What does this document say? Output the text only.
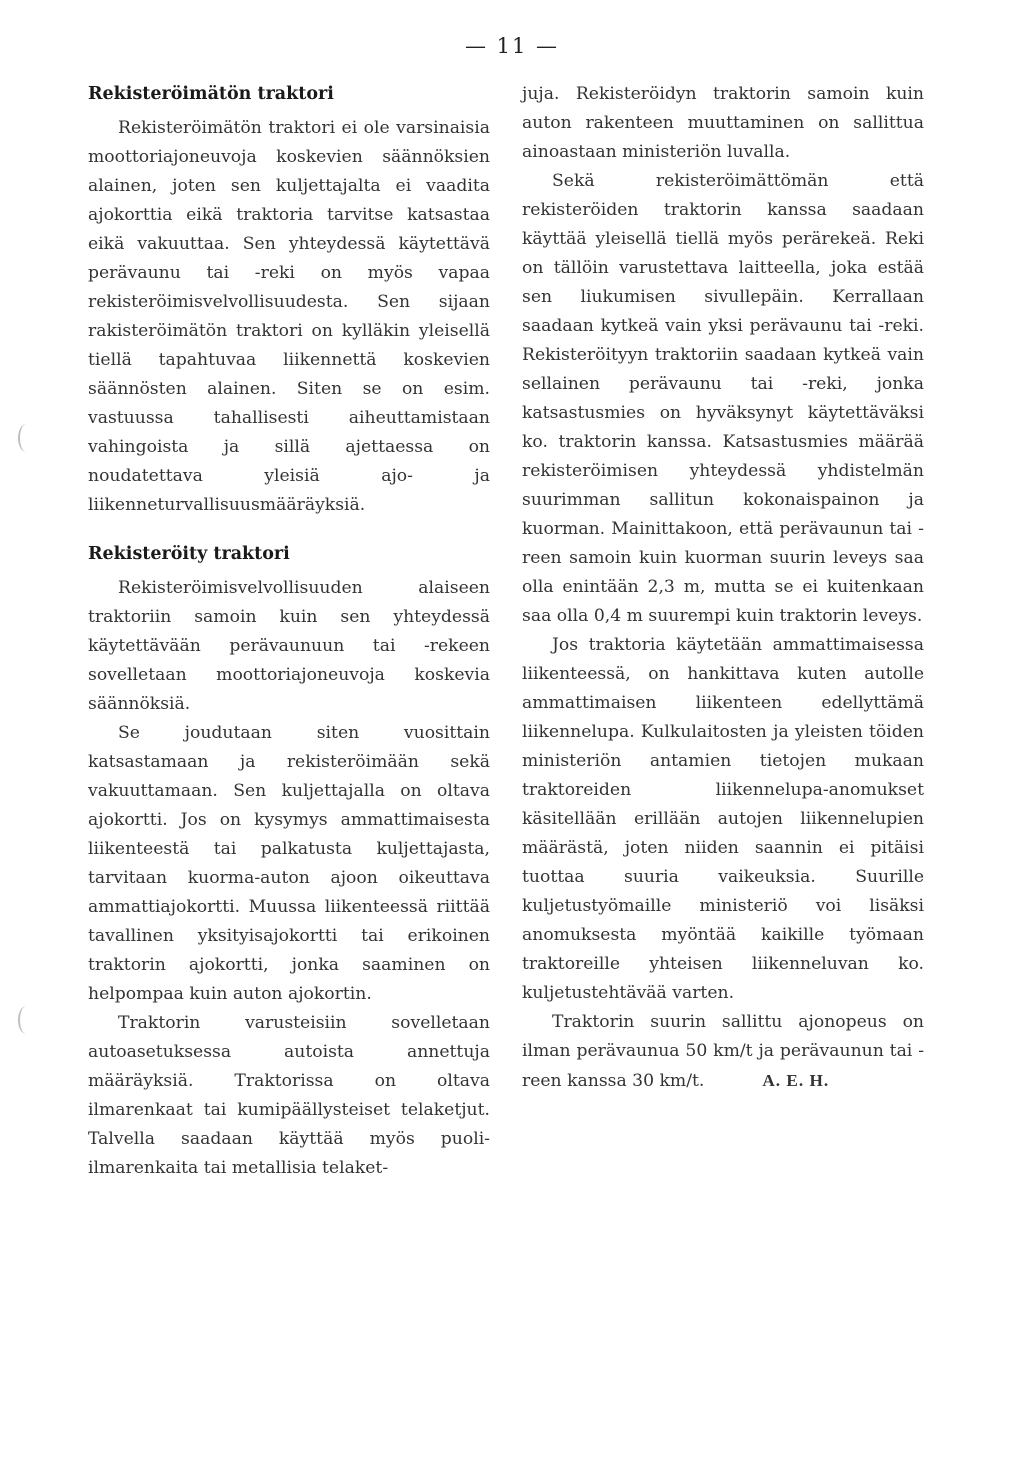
— 11 —
Rekisteröimätön traktori

Rekisteröimätön traktori ei ole varsinaisia moottoriajoneuvoja koskevien säännöksien alainen, joten sen kuljettajalta ei vaadita ajokorttia eikä traktoria tarvitse katsastaa eikä vakuuttaa. Sen yhteydessä käytettävä perävaunu tai -reki on myös vapaa rekisteröimisvelvollisuudesta. Sen sijaan rakisteröimätön traktori on kylläkin yleisellä tiellä tapahtuvaa liikennettä koskevien säännösten alainen. Siten se on esim. vastuussa tahallisesti aiheuttamistaan vahingoista ja sillä ajettaessa on noudatettava yleisiä ajo- ja liikenneturvallisuusmääräyksiä.

Rekisteröity traktori

Rekisteröimisvelvollisuuden alaiseen traktoriin samoin kuin sen yhteydessä käytettävään perävaunuun tai -rekeen sovelletaan moottoriajoneuvoja koskevia säännöksiä.

Se joudutaan siten vuosittain katsastamaan ja rekisteröimään sekä vakuuttamaan. Sen kuljettajalla on oltava ajokortti. Jos on kysymys ammattimaisesta liikenteestä tai palkatusta kuljettajasta, tarvitaan kuorma-auton ajoon oikeuttava ammattiajokortti. Muussa liikenteessä riittää tavallinen yksityisajokortti tai erikoinen traktorin ajokortti, jonka saaminen on helpompaa kuin auton ajokortin.

Traktorin varusteisiin sovelletaan autoasetuksessa autoista annettuja määräyksiä. Traktorissa on oltava ilmarenkaat tai kumipäällysteiset telaketjut. Talvella saadaan käyttää myös puoli-ilmarenkaita tai metallisia telaket-

juja. Rekisteröidyn traktorin samoin kuin auton rakenteen muuttaminen on sallittua ainoastaan ministeriön luvalla.

Sekä rekisteröimättömän että rekisteröiden traktorin kanssa saadaan käyttää yleisellä tiellä myös perärekeä. Reki on tällöin varustettava laitteella, joka estää sen liukumisen sivullepäin. Kerrallaan saadaan kytkeä vain yksi perävaunu tai -reki. Rekisteröityyn traktoriin saadaan kytkeä vain sellainen perävaunu tai -reki, jonka katsastusmies on hyväksynyt käytettäväksi ko. traktorin kanssa. Katsastusmies määrää rekisteröimisen yhteydessä yhdistelmän suurimman sallitun kokonaispainon ja kuorman. Mainittakoon, että perävaunun tai -reen samoin kuin kuorman suurin leveys saa olla enintään 2,3 m, mutta se ei kuitenkaan saa olla 0,4 m suurempi kuin traktorin leveys.

Jos traktoria käytetään ammattimaisessa liikenteessä, on hankittava kuten autolle ammattimaisen liikenteen edellyttämä liikennelupa. Kulkulaitosten ja yleisten töiden ministeriön antamien tietojen mukaan traktoreiden liikennelupa-anomukset käsitellään erillään autojen liikennelupien määrästä, joten niiden saannin ei pitäisi tuottaa suuria vaikeuksia. Suurille kuljetustyömaille ministeriö voi lisäksi anomuksesta myöntää kaikille työmaan traktoreille yhteisen liikenneluvan ko. kuljetustehtävää varten.

Traktorin suurin sallittu ajonopeus on ilman perävaunua 50 km/t ja perävaunun tai -reen kanssa 30 km/t.	A. E. H.
